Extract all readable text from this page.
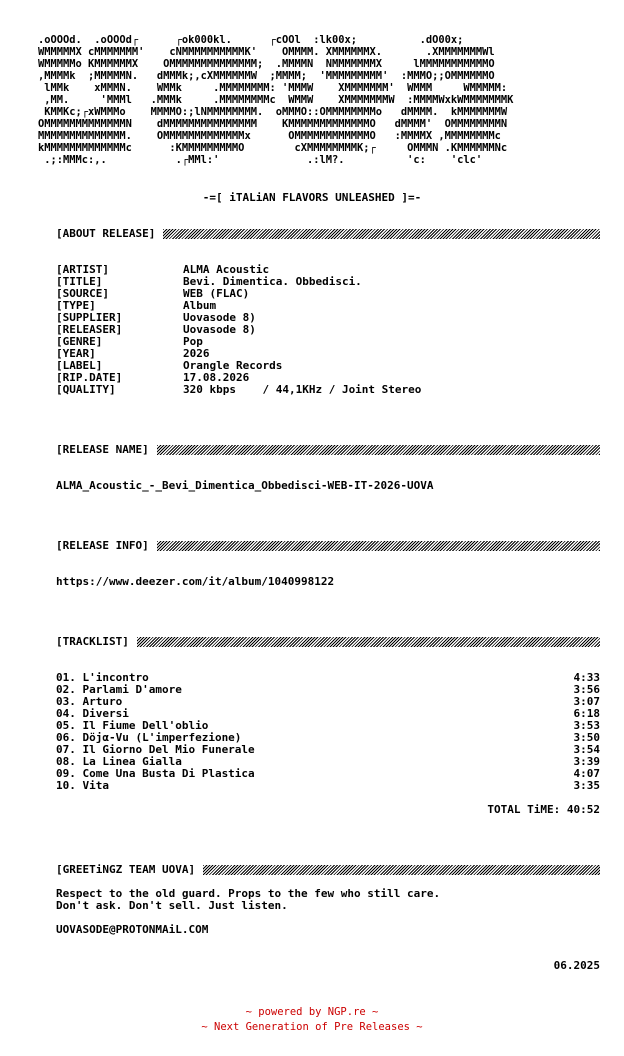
.oOOOd.  .oOOOd┌      ┌ok000kl.      ┌cOOl  :lk00x;          .dO00x;
WMMMMMX cMMMMMMM'    cNMMMMMMMMMMK'    OMMMM. XMMMMMMX.       .XMMMMMMMWl
WMMMMMo KMMMMMMX    OMMMMMMMMMMMMMM;  .MMMMN  NMMMMMMMX     lMMMMMMMMMMMO
,MMMMk  ;MMMMMN.   dMMMk;,cXMMMMMMW  ;MMMM;  'MMMMMMMMM'  :MMMO;;OMMMMMMO
lMMk    xMMMN.    WMMk     .MMMMMMMM: 'MMMW    XMMMMMMM'  WMMM     WMMMMM:
,MM.     'MMMl   .MMMk     .MMMMMMMMc  WMMW    XMMMMMMMW  :MMMMWxkWMMMMMMMK
KMMKc;┌xWMMMo    MMMMO:;lNMMMMMMMM.  oMMMO::OMMMMMMMMo   dMMMM.  kMMMMMMMW
OMMMMMMMMMMMMMN    dMMMMMMMMMMMMMMM    KMMMMMMMMMMMMMO   dMMMM'  OMMMMMMMMN
MMMMMMMMMMMMMM.    OMMMMMMMMMMMMMx      OMMMMMMMMMMMMO   :MMMMX ,MMMMMMMMc
kMMMMMMMMMMMMMc      :KMMMMMMMMMO        cXMMMMMMMMK;┌     OMMMN .KMMMMMMNc
.;:MMMc:,.           .┌MMl:'              .:lM?.          'c:    'clc'
-=[ iTALiAN FLAVORS UNLEASHED ]=-
[ABOUT RELEASE]
[ARTIST]	ALMA Acoustic
[TITLE]	Bevi. Dimentica. Obbedisci.
[SOURCE]	WEB (FLAC)
[TYPE]	Album
[SUPPLIER]	Uovasode 8)
[RELEASER]	Uovasode 8)
[GENRE]	Pop
[YEAR]	2026
[LABEL]	Orangle Records
[RIP.DATE]	17.08.2026
[QUALITY]	320 kbps    / 44,1KHz / Joint Stereo
[RELEASE NAME]
ALMA_Acoustic_-_Bevi_Dimentica_Obbedisci-WEB-IT-2026-UOVA
[RELEASE INFO]
https://www.deezer.com/it/album/1040998122
[TRACKLIST]
01. L'incontro	4:33
02. Parlami D'amore	3:56
03. Arturo	3:07
04. Diversi	6:18
05. Il Fiume Dell'oblio	3:53
06. Dӧjα-Vu (L'imperfezione)	3:50
07. Il Giorno Del Mio Funerale	3:54
08. La Linea Gialla	3:39
09. Come Una Busta Di Plastica	4:07
10. Vita	3:35
TOTAL TiME: 40:52
[GREETiNGZ TEAM UOVA]
Respect to the old guard. Props to the few who still care.
Don't ask. Don't sell. Just listen.
UOVASODE@PROTONMAiL.COM
06.2025
~ powered by NGP.re ~
~ Next Generation of Pre Releases ~
